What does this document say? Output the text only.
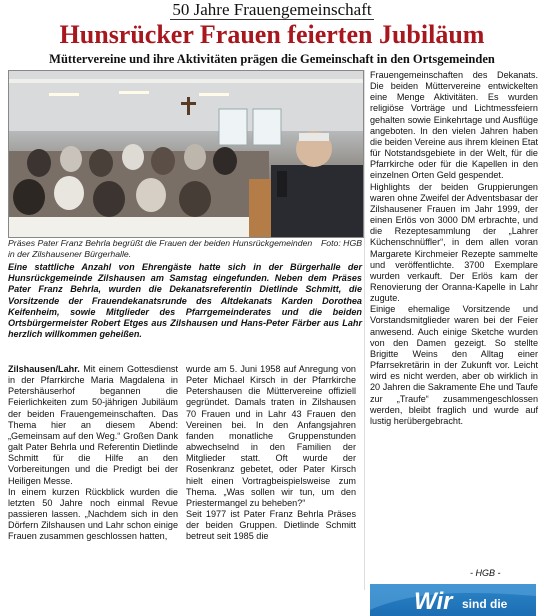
50 Jahre Frauengemeinschaft
Hunsrücker Frauen feierten Jubiläum
Müttervereine und ihre Aktivitäten prägen die Gemeinschaft in den Ortsgemeinden
Foto: HGB
Präses Pater Franz Behrla begrüßt die Frauen der beiden Hunsrückgemeinden in der Zilshausener Bürgerhalle.
Eine stattliche Anzahl von Ehrengäste hatte sich in der Bürgerhalle der Hunsrückgemeinde Zilshausen am Samstag eingefunden. Neben dem Präses Pater Franz Behrla, wurden die Dekanatsreferentin Dietlinde Schmitt, die Vorsitzende der Frauendekanatsrunde des Altdekanats Karden Dorothea Keifenheim, sowie Mitglieder des Pfarrgemeinderates und die beiden Ortsbürgermeister Robert Etges aus Zilshausen und Hans-Peter Färber aus Lahr herzlich willkommen geheißen.
Zilshausen/Lahr. Mit einem Gottesdienst in der Pfarrkirche Maria Magdalena in Petershäuserhof begannen die Feierlichkeiten zum 50-jährigen Jubiläum der beiden Frauengemeinschaften. Das Thema hier an diesem Abend: „Gemeinsam auf den Weg.“ Großen Dank galt Pater Behrla und Referentin Dietlinde Schmitt für die Hilfe an den Vorbereitungen und die Predigt bei der Heiligen Messe.
In einem kurzen Rückblick wurden die letzten 50 Jahre noch einmal Revue passieren lassen. „Nachdem sich in den Dörfern Zilshausen und Lahr schon einige Frauen zusammen geschlossen hatten,
wurde am 5. Juni 1958 auf Anregung von Peter Michael Kirsch in der Pfarrkirche Petershausen die Müttervereine offiziell gegründet. Damals traten in Zilshausen 70 Frauen und in Lahr 43 Frauen den Vereinen bei. In den Anfangsjahren fanden monatliche Gruppenstunden abwechselnd in den Familien der Mitglieder statt. Oft wurde der Rosenkranz gebetet, oder Pater Kirsch hielt einen Vortragbeispielsweise zum Thema. „Was sollen wir tun, um den Priestermangel zu beheben?“
Seit 1977 ist Pater Franz Behrla Präses der beiden Gruppen. Dietlinde Schmitt betreut seit 1985 die
Frauengemeinschaften des Dekanats. Die beiden Müttervereine entwickelten eine Menge Aktivitäten. Es wurden religiöse Vorträge und Lichtmessfeiern gehalten sowie Einkehrtage und Ausflüge angeboten. In den vielen Jahren haben die beiden Vereine aus ihrem kleinen Etat für Notstandsgebiete in der Welt, für die Pfarrkirche oder für die Kapellen in den einzelnen Orten Geld gespendet.
Highlights der beiden Gruppierungen waren ohne Zweifel der Adventsbasar der Zilshausener Frauen im Jahr 1999, der einen Erlös von 3000 DM erbrachte, und die Rezeptesammlung der „Lahrer Küchenschnüffler“, in dem allen voran Margarete Kirchmeier Rezepte sammelte und veröffentlichte. 3700 Exemplare wurden verkauft. Der Erlös kam der Renovierung der Oranna-Kapelle in Lahr zugute.
Einige ehemalige Vorsitzende und Vorstandsmitglieder waren bei der Feier anwesend. Auch einige Sketche wurden von den Damen gezeigt. So stellte Brigitte Weins den Alltag einer Pfarrsekretärin in der Zukunft vor. Leicht wird es nicht werden, aber ob wirklich in 20 Jahren die Sakramente Ehe und Taufe zur „Traufe“ zusammengeschlossen werden, bleibt fraglich und wurde auf lustig herübergebracht.
- HGB -
Wir sind die
